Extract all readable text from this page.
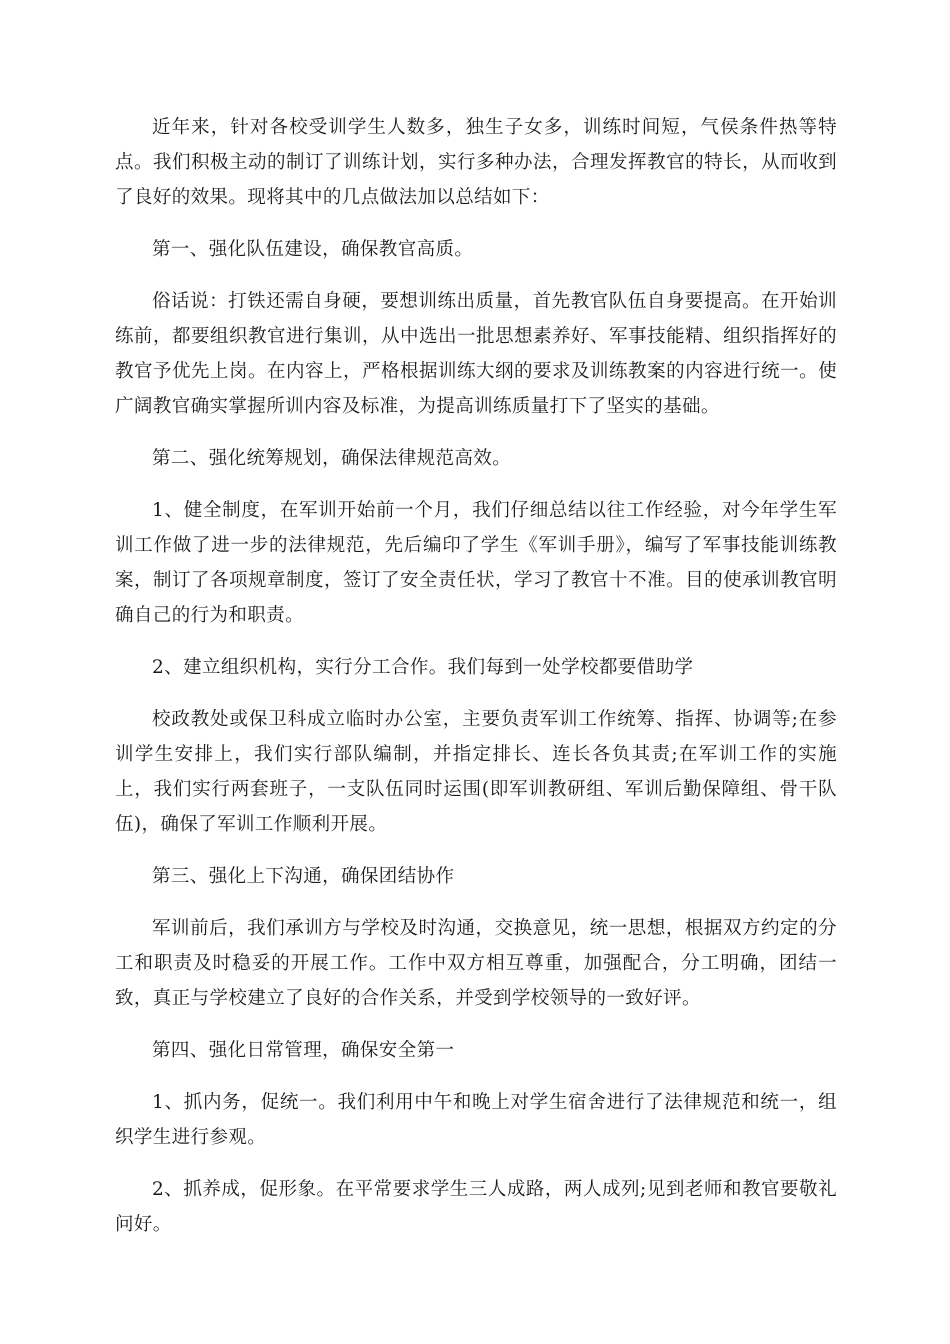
近年来，针对各校受训学生人数多，独生子女多，训练时间短，气侯条件热等特点。我们积极主动的制订了训练计划，实行多种办法，合理发挥教官的特长，从而收到了良好的效果。现将其中的几点做法加以总结如下：

第一、强化队伍建设，确保教官高质。

俗话说：打铁还需自身硬，要想训练出质量，首先教官队伍自身要提高。在开始训练前，都要组织教官进行集训，从中选出一批思想素养好、军事技能精、组织指挥好的教官予优先上岗。在内容上，严格根据训练大纲的要求及训练教案的内容进行统一。使广阔教官确实掌握所训内容及标准，为提高训练质量打下了坚实的基础。

第二、强化统筹规划，确保法律规范高效。

1、健全制度，在军训开始前一个月，我们仔细总结以往工作经验，对今年学生军训工作做了进一步的法律规范，先后编印了学生《军训手册》，编写了军事技能训练教案，制订了各项规章制度，签订了安全责任状，学习了教官十不准。目的使承训教官明确自己的行为和职责。

2、建立组织机构，实行分工合作。我们每到一处学校都要借助学

校政教处或保卫科成立临时办公室，主要负责军训工作统筹、指挥、协调等;在参训学生安排上，我们实行部队编制，并指定排长、连长各负其责;在军训工作的实施上，我们实行两套班子，一支队伍同时运围(即军训教研组、军训后勤保障组、骨干队伍)，确保了军训工作顺利开展。

第三、强化上下沟通，确保团结协作

军训前后，我们承训方与学校及时沟通，交换意见，统一思想，根据双方约定的分工和职责及时稳妥的开展工作。工作中双方相互尊重，加强配合，分工明确，团结一致，真正与学校建立了良好的合作关系，并受到学校领导的一致好评。

第四、强化日常管理，确保安全第一

1、抓内务，促统一。我们利用中午和晚上对学生宿舍进行了法律规范和统一，组织学生进行参观。

2、抓养成，促形象。在平常要求学生三人成路，两人成列;见到老师和教官要敬礼问好。
